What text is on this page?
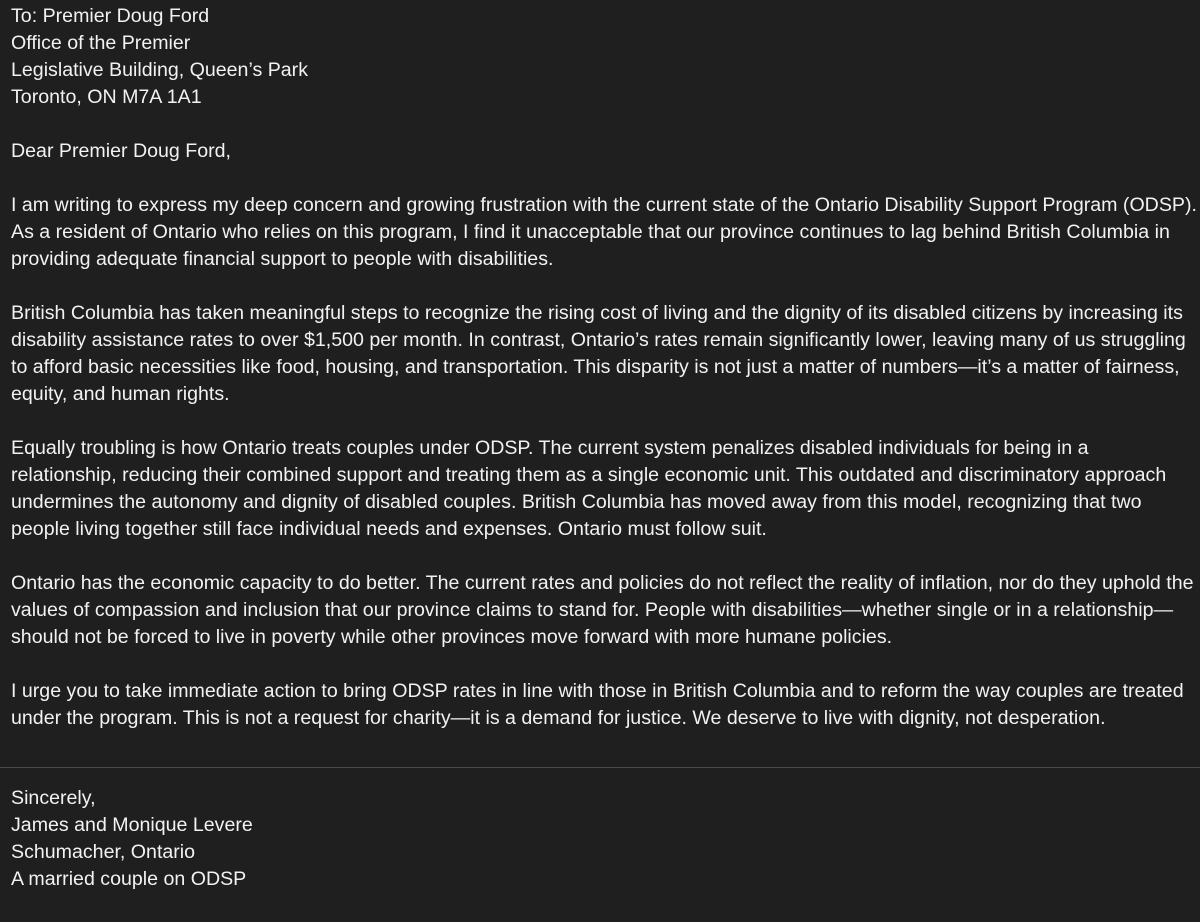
To: Premier Doug Ford
Office of the Premier
Legislative Building, Queen’s Park
Toronto, ON M7A 1A1

Dear Premier Doug Ford,

I am writing to express my deep concern and growing frustration with the current state of the Ontario Disability Support Program (ODSP). As a resident of Ontario who relies on this program, I find it unacceptable that our province continues to lag behind British Columbia in providing adequate financial support to people with disabilities.

British Columbia has taken meaningful steps to recognize the rising cost of living and the dignity of its disabled citizens by increasing its disability assistance rates to over $1,500 per month. In contrast, Ontario’s rates remain significantly lower, leaving many of us struggling to afford basic necessities like food, housing, and transportation. This disparity is not just a matter of numbers—it’s a matter of fairness, equity, and human rights.

Equally troubling is how Ontario treats couples under ODSP. The current system penalizes disabled individuals for being in a relationship, reducing their combined support and treating them as a single economic unit. This outdated and discriminatory approach undermines the autonomy and dignity of disabled couples. British Columbia has moved away from this model, recognizing that two people living together still face individual needs and expenses. Ontario must follow suit.

Ontario has the economic capacity to do better. The current rates and policies do not reflect the reality of inflation, nor do they uphold the values of compassion and inclusion that our province claims to stand for. People with disabilities—whether single or in a relationship—should not be forced to live in poverty while other provinces move forward with more humane policies.

I urge you to take immediate action to bring ODSP rates in line with those in British Columbia and to reform the way couples are treated under the program. This is not a request for charity—it is a demand for justice. We deserve to live with dignity, not desperation.

Sincerely,
James and Monique Levere
Schumacher, Ontario
A married couple on ODSP
